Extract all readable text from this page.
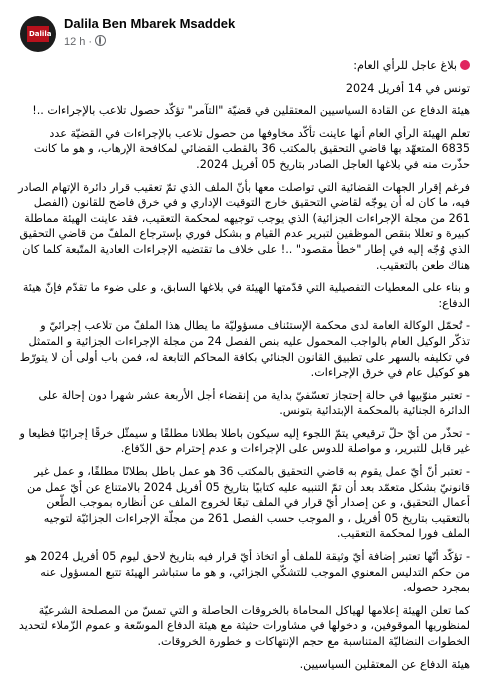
Dalila
Dalila Ben Mbarek Msaddek
12 h ·

بلاغ عاجل للرأي العام:

تونس في 14 أفريل 2024

هيئة الدفاع عن القادة السياسيين المعتقلين في قضيّة "التآمر" تؤكّد حصول تلاعب بالإجراءات ..!

تعلم الهيئة الرأي العام أنها عاينت تأكّد مخاوفها من حصول تلاعب بالإجراءات في القضيّة عدد 6835 المتعهّد بها قاضي التحقيق بالمكتب 36 بالقطب القضائي لمكافحة الإرهاب، و هو ما كانت حذّرت منه في بلاغها العاجل الصادر بتاريخ 05 أفريل 2024.

فرغم إقرار الجهات القضائية التي تواصلت معها بأنّ الملف الذي تمّ تعقيب قرار دائرة الإتهام الصادر فيه، ما كان له أن يوجّه لقاضي التحقيق خارج التوقيت الإداري و في خرق فاضح للقانون (الفصل 261 من مجلة الإجراءات الجزائية) الذي يوجب توجيهه لمحكمة التعقيب، فقد عاينت الهيئة مماطلة كبيرة و تعللا بنقص الموظفين لتبرير عدم القيام و بشكل فوري بإسترجاع الملفّ من قاضي التحقيق الذي وُجّه إليه في إطار "خطأ مقصود" ..! على خلاف ما تقتضيه الإجراءات العادية المتّبعة كلما كان هناك طعن بالتعقيب.

و بناء على المعطيات التفصيلية التي قدّمتها الهيئة في بلاغها السابق، و على ضوء ما تقدّم فإنّ هيئة الدفاع:

- تُحمّل الوكالة العامة لدى محكمة الإستئناف مسؤوليّة ما يطال هذا الملفّ من تلاعب إجرائيّ و تذكّر الوكيل العام بالواجب المحمول عليه بنص الفصل 24 من مجلة الإجراءات الجزائية و المتمثل في تكليفه بالسهر على تطبيق القانون الجنائي بكافة المحاكم التابعة له، فمن باب أولى أن لا يتورّط هو كوكيل عام في خرق الإجراءات.

- تعتبر منوّبيها في حالة إحتجاز تعسّفيّ بداية من إنقضاء أجل الأربعة عشر شهرا دون إحالة على الدائرة الجنائية بالمحكمة الإبتدائية بتونس.

- تحذّر من أيّ حلّ ترقيعي يتمّ اللجوء إليه سيكون باطلا بطلانا مطلقًا و سيمثّل خرقًا إجرائيًا فظيعا و غير قابل للتبرير، و مواصلة للدوس على الإجراءات و عدم إحترام حق الدّفاع.

- تعتبر أنّ أيّ عمل يقوم به قاضي التحقيق بالمكتب 36 هو عمل باطل بطلانًا مطلقًا، و عمل غير قانونيّ بشكل متعمّد بعد أن تمّ التنبيه عليه كتابيًا بتاريخ 05 أفريل 2024 بالامتناع عن أيّ عمل من أعمال التحقيق، و عن إصدار أيّ قرار في الملف تبعًا لخروج الملف عن أنظاره بموجب الطّعن بالتعقيب بتاريخ 05 أفريل ، و الموجب حسب الفصل 261 من مجلّة الإجراءات الجزائيّة لتوجيه الملف فورا لمحكمة التعقيب.

- تؤكّد أنّها تعتبر إضافة أيّ وثيقة للملف أو اتخاذ أيّ قرار فيه بتاريخ لاحق ليوم 05 أفريل 2024 هو من حكم التدليس المعنوي الموجب للتشكّي الجزائي، و هو ما ستباشر الهيئة تتبع المسؤول عنه بمجرد حصوله.

كما تعلن الهيئة إعلامها لهياكل المحاماة بالخروقات الحاصلة و التي تمسّ من المصلحة الشرعيّة لمنظوريها الموقوفين، و دخولها في مشاورات حثيثة مع هيئة الدفاع الموسّعة و عموم الزّملاء لتحديد الخطوات النضاليّة المتناسبة مع حجم الإنتهاكات و خطورة الخروقات.

هيئة الدفاع عن المعتقلين السياسيين.
